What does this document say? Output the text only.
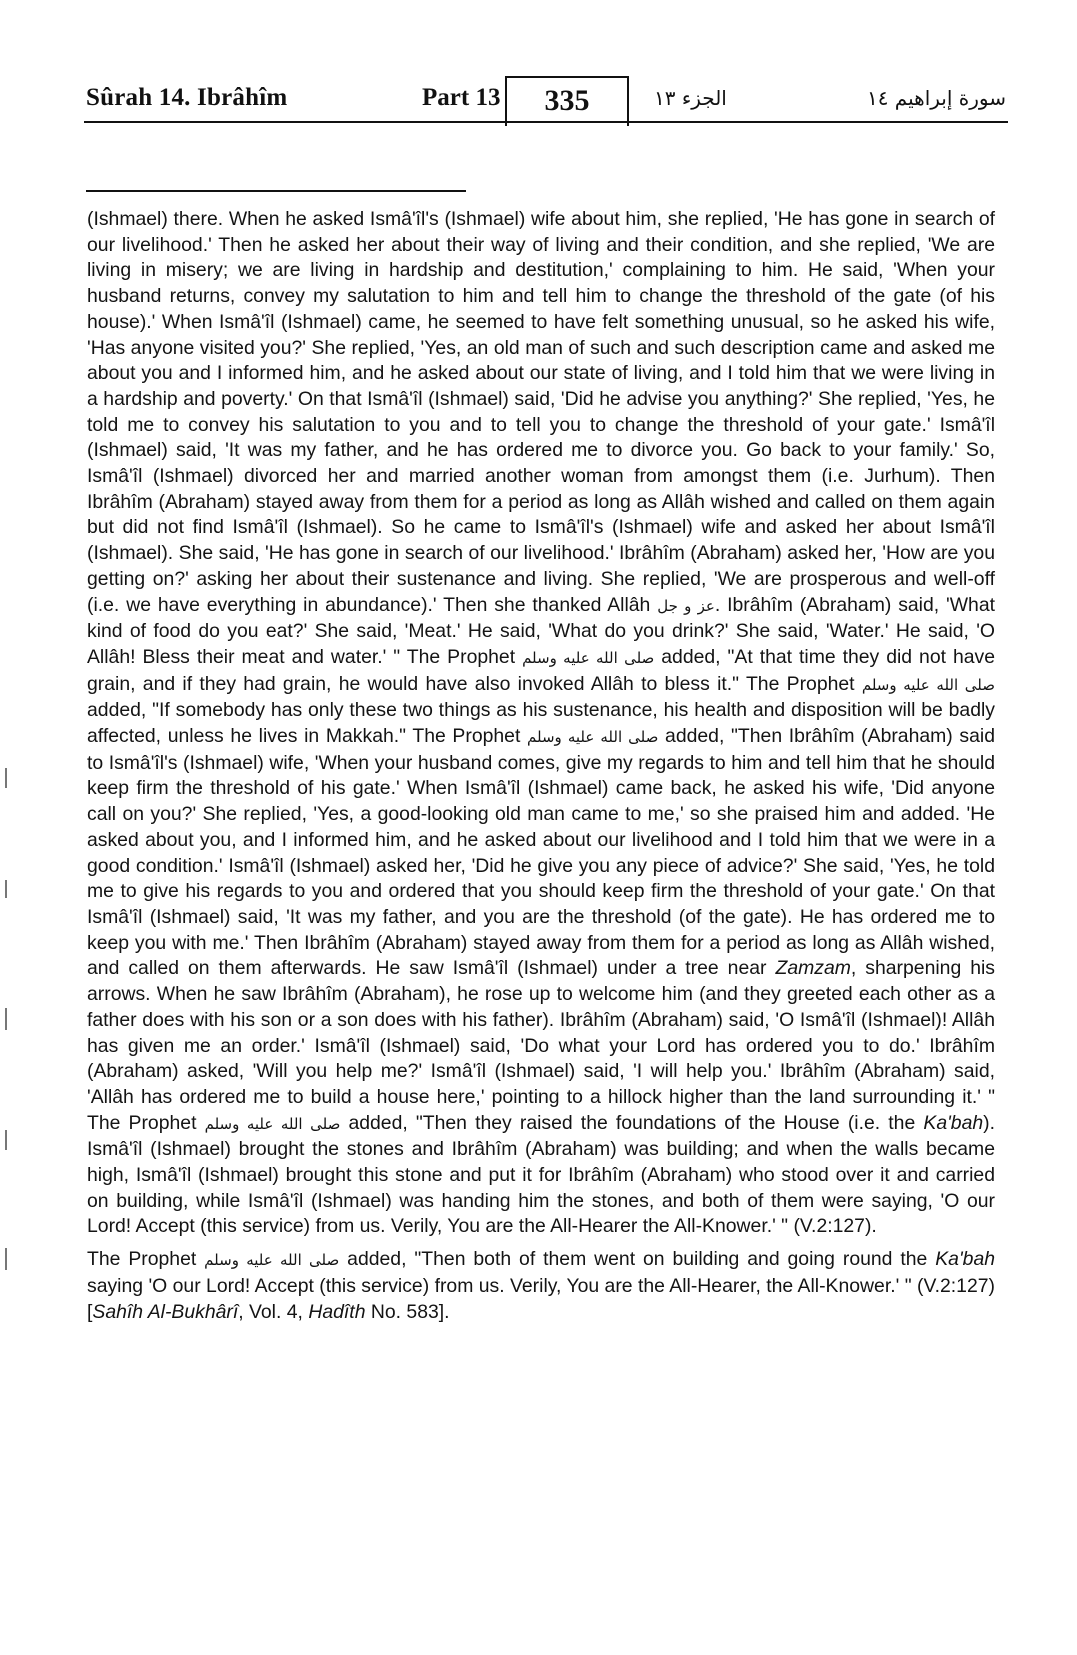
Sûrah 14. Ibrâhîm	Part 13	335	الجزء ١٣	سورة إبراهيم ١٤

(Ishmael) there. When he asked Ismâ'îl's (Ishmael) wife about him, she replied, 'He has gone in search of our livelihood.' Then he asked her about their way of living and their condition, and she replied, 'We are living in misery; we are living in hardship and destitution,' complaining to him. He said, 'When your husband returns, convey my salutation to him and tell him to change the threshold of the gate (of his house).' When Ismâ'îl (Ishmael) came, he seemed to have felt something unusual, so he asked his wife, 'Has anyone visited you?' She replied, 'Yes, an old man of such and such description came and asked me about you and I informed him, and he asked about our state of living, and I told him that we were living in a hardship and poverty.' On that Ismâ'îl (Ishmael) said, 'Did he advise you anything?' She replied, 'Yes, he told me to convey his salutation to you and to tell you to change the threshold of your gate.' Ismâ'îl (Ishmael) said, 'It was my father, and he has ordered me to divorce you. Go back to your family.' So, Ismâ'îl (Ishmael) divorced her and married another woman from amongst them (i.e. Jurhum). Then Ibrâhîm (Abraham) stayed away from them for a period as long as Allâh wished and called on them again but did not find Ismâ'îl (Ishmael). So he came to Ismâ'îl's (Ishmael) wife and asked her about Ismâ'îl (Ishmael). She said, 'He has gone in search of our livelihood.' Ibrâhîm (Abraham) asked her, 'How are you getting on?' asking her about their sustenance and living. She replied, 'We are prosperous and well-off (i.e. we have everything in abundance).' Then she thanked Allâh عز و جل. Ibrâhîm (Abraham) said, 'What kind of food do you eat?' She said, 'Meat.' He said, 'What do you drink?' She said, 'Water.' He said, 'O Allâh! Bless their meat and water.' " The Prophet صلى الله عليه وسلم added, "At that time they did not have grain, and if they had grain, he would have also invoked Allâh to bless it." The Prophet صلى الله عليه وسلم added, "If somebody has only these two things as his sustenance, his health and disposition will be badly affected, unless he lives in Makkah." The Prophet صلى الله عليه وسلم added, "Then Ibrâhîm (Abraham) said to Ismâ'îl's (Ishmael) wife, 'When your husband comes, give my regards to him and tell him that he should keep firm the threshold of his gate.' When Ismâ'îl (Ishmael) came back, he asked his wife, 'Did anyone call on you?' She replied, 'Yes, a good-looking old man came to me,' so she praised him and added. 'He asked about you, and I informed him, and he asked about our livelihood and I told him that we were in a good condition.' Ismâ'îl (Ishmael) asked her, 'Did he give you any piece of advice?' She said, 'Yes, he told me to give his regards to you and ordered that you should keep firm the threshold of your gate.' On that Ismâ'îl (Ishmael) said, 'It was my father, and you are the threshold (of the gate). He has ordered me to keep you with me.' Then Ibrâhîm (Abraham) stayed away from them for a period as long as Allâh wished, and called on them afterwards. He saw Ismâ'îl (Ishmael) under a tree near Zamzam, sharpening his arrows. When he saw Ibrâhîm (Abraham), he rose up to welcome him (and they greeted each other as a father does with his son or a son does with his father). Ibrâhîm (Abraham) said, 'O Ismâ'îl (Ishmael)! Allâh has given me an order.' Ismâ'îl (Ishmael) said, 'Do what your Lord has ordered you to do.' Ibrâhîm (Abraham) asked, 'Will you help me?' Ismâ'îl (Ishmael) said, 'I will help you.' Ibrâhîm (Abraham) said, 'Allâh has ordered me to build a house here,' pointing to a hillock higher than the land surrounding it.' " The Prophet صلى الله عليه وسلم added, "Then they raised the foundations of the House (i.e. the Ka'bah). Ismâ'îl (Ishmael) brought the stones and Ibrâhîm (Abraham) was building; and when the walls became high, Ismâ'îl (Ishmael) brought this stone and put it for Ibrâhîm (Abraham) who stood over it and carried on building, while Ismâ'îl (Ishmael) was handing him the stones, and both of them were saying, 'O our Lord! Accept (this service) from us. Verily, You are the All-Hearer the All-Knower.' " (V.2:127).

The Prophet صلى الله عليه وسلم added, "Then both of them went on building and going round the Ka'bah saying 'O our Lord! Accept (this service) from us. Verily, You are the All-Hearer, the All-Knower.' " (V.2:127) [Sahîh Al-Bukhârî, Vol. 4, Hadîth No. 583].
